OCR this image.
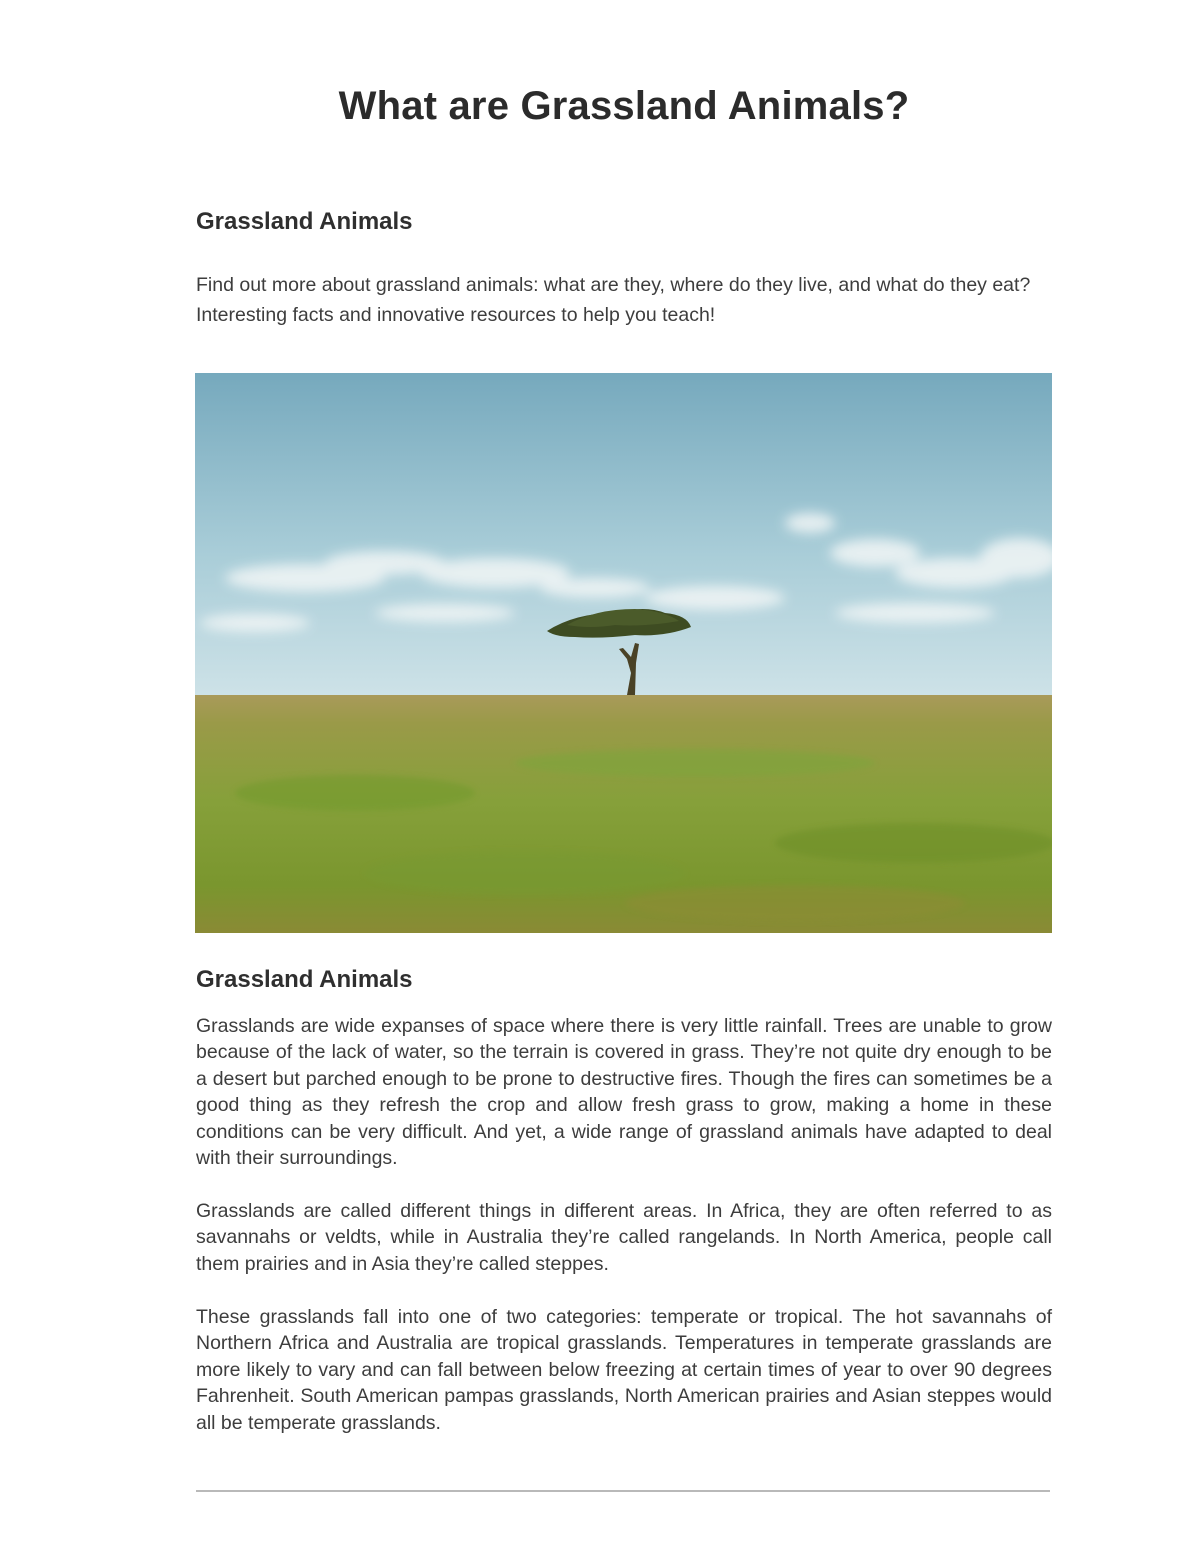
What are Grassland Animals?
Grassland Animals

Find out more about grassland animals: what are they, where do they live, and what do they eat? Interesting facts and innovative resources to help you teach!

Grassland Animals

Grasslands are wide expanses of space where there is very little rainfall. Trees are unable to grow because of the lack of water, so the terrain is covered in grass. They’re not quite dry enough to be a desert but parched enough to be prone to destructive fires. Though the fires can sometimes be a good thing as they refresh the crop and allow fresh grass to grow, making a home in these conditions can be very difficult. And yet, a wide range of grassland animals have adapted to deal with their surroundings.

Grasslands are called different things in different areas. In Africa, they are often referred to as savannahs or veldts, while in Australia they’re called rangelands. In North America, people call them prairies and in Asia they’re called steppes.

These grasslands fall into one of two categories: temperate or tropical. The hot savannahs of Northern Africa and Australia are tropical grasslands. Temperatures in temperate grasslands are more likely to vary and can fall between below freezing at certain times of year to over 90 degrees Fahrenheit. South American pampas grasslands, North American prairies and Asian steppes would all be temperate grasslands.
